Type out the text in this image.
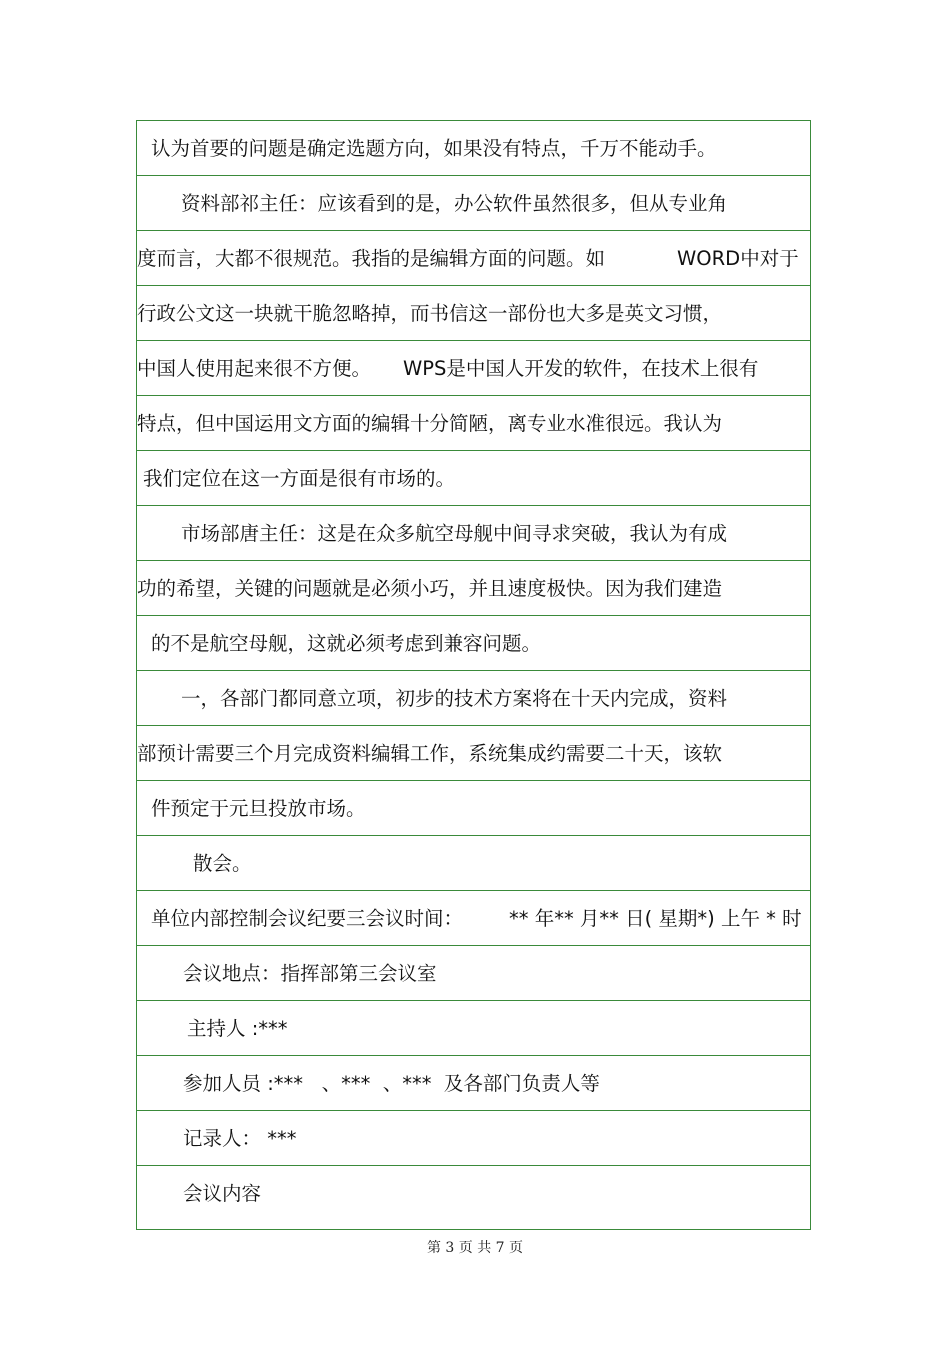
认为首要的问题是确定选题方向，如果没有特点，千万不能动手。

资料部祁主任：应该看到的是，办公软件虽然很多，但从专业角

度而言，大都不很规范。我指的是编辑方面的问题。如

	WORD中对于

行政公文这一块就干脆忽略掉，而书信这一部份也大多是英文习惯，

中国人使用起来很不方便。

WPS是中国人开发的软件，在技术上很有

特点，但中国运用文方面的编辑十分简陋，离专业水准很远。我认为

我们定位在这一方面是很有市场的。

市场部唐主任：这是在众多航空母舰中间寻求突破，我认为有成

功的希望，关键的问题就是必须小巧，并且速度极快。因为我们建造

的不是航空母舰，这就必须考虑到兼容问题。

一，各部门都同意立项，初步的技术方案将在十天内完成，资料

部预计需要三个月完成资料编辑工作，系统集成约需要二十天，该软

件预定于元旦投放市场。

散会。

单位内部控制会议纪要三会议时间：

** 年** 月** 日( 星期*) 上午 * 时

会议地点：指挥部第三会议室

主持人 :***

参加人员 :***   、***  、***  及各部门负责人等

记录人： ***

会议内容

第 3 页 共 7 页
